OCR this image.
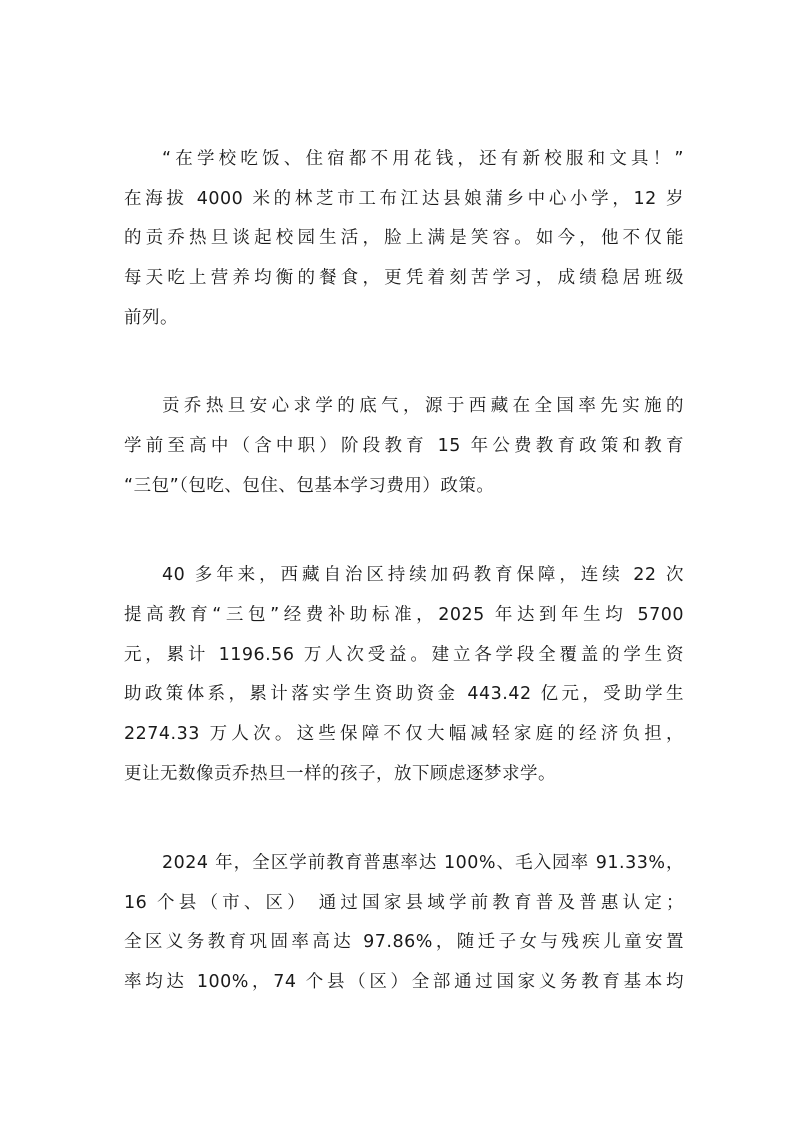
“在学校吃饭、住宿都不用花钱，还有新校服和文具！”
在海拔 4000 米的林芝市工布江达县娘蒲乡中心小学，12 岁
的贡乔热旦谈起校园生活，脸上满是笑容。如今，他不仅能
每天吃上营养均衡的餐食，更凭着刻苦学习，成绩稳居班级
前列。
贡乔热旦安心求学的底气，源于西藏在全国率先实施的
学前至高中（含中职）阶段教育 15 年公费教育政策和教育
“三包”（包吃、包住、包基本学习费用）政策。
40 多年来，西藏自治区持续加码教育保障，连续 22 次
提高教育“三包”经费补助标准，2025 年达到年生均 5700
元，累计 1196.56 万人次受益。建立各学段全覆盖的学生资
助政策体系，累计落实学生资助资金 443.42 亿元，受助学生
2274.33 万人次。这些保障不仅大幅减轻家庭的经济负担，
更让无数像贡乔热旦一样的孩子，放下顾虑逐梦求学。
2024 年，全区学前教育普惠率达 100%、毛入园率 91.33%，
16 个县（市、区） 通过国家县域学前教育普及普惠认定；
全区义务教育巩固率高达 97.86%，随迁子女与残疾儿童安置
率均达 100%，74 个县（区）全部通过国家义务教育基本均
